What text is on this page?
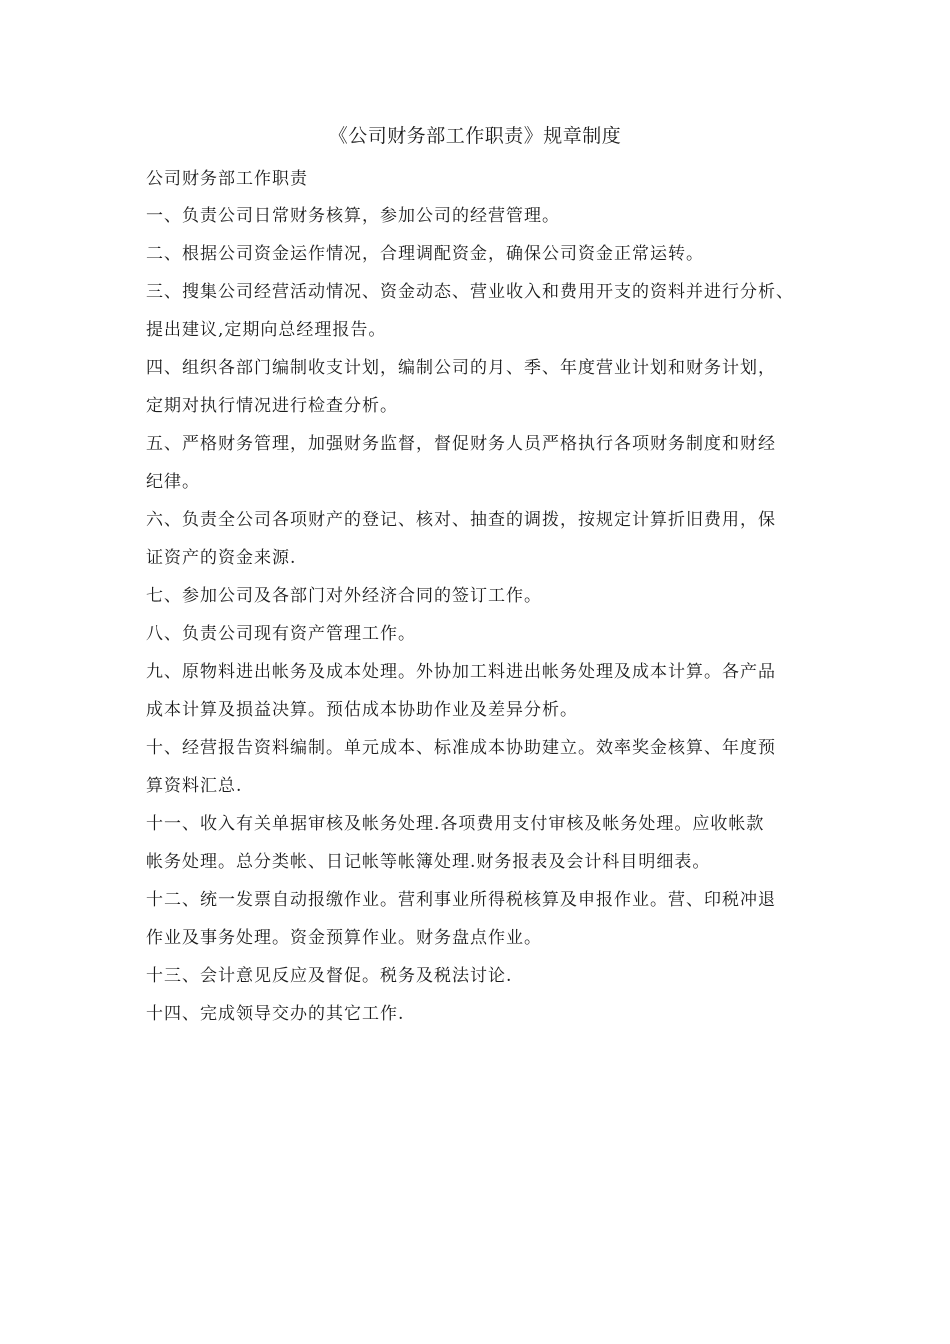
《公司财务部工作职责》规章制度
公司财务部工作职责
一、负责公司日常财务核算，参加公司的经营管理。
二、根据公司资金运作情况，合理调配资金，确保公司资金正常运转。
三、搜集公司经营活动情况、资金动态、营业收入和费用开支的资料并进行分析、
提出建议,定期向总经理报告。
四、组织各部门编制收支计划，编制公司的月、季、年度营业计划和财务计划，
定期对执行情况进行检查分析。
五、严格财务管理，加强财务监督，督促财务人员严格执行各项财务制度和财经
纪律。
六、负责全公司各项财产的登记、核对、抽查的调拨，按规定计算折旧费用，保
证资产的资金来源.
七、参加公司及各部门对外经济合同的签订工作。
八、负责公司现有资产管理工作。
九、原物料进出帐务及成本处理。外协加工料进出帐务处理及成本计算。各产品
成本计算及损益决算。预估成本协助作业及差异分析。
十、经营报告资料编制。单元成本、标准成本协助建立。效率奖金核算、年度预
算资料汇总.
十一、收入有关单据审核及帐务处理.各项费用支付审核及帐务处理。应收帐款
帐务处理。总分类帐、日记帐等帐簿处理.财务报表及会计科目明细表。
十二、统一发票自动报缴作业。营利事业所得税核算及申报作业。营、印税冲退
作业及事务处理。资金预算作业。财务盘点作业。
十三、会计意见反应及督促。税务及税法讨论.
十四、完成领导交办的其它工作.
